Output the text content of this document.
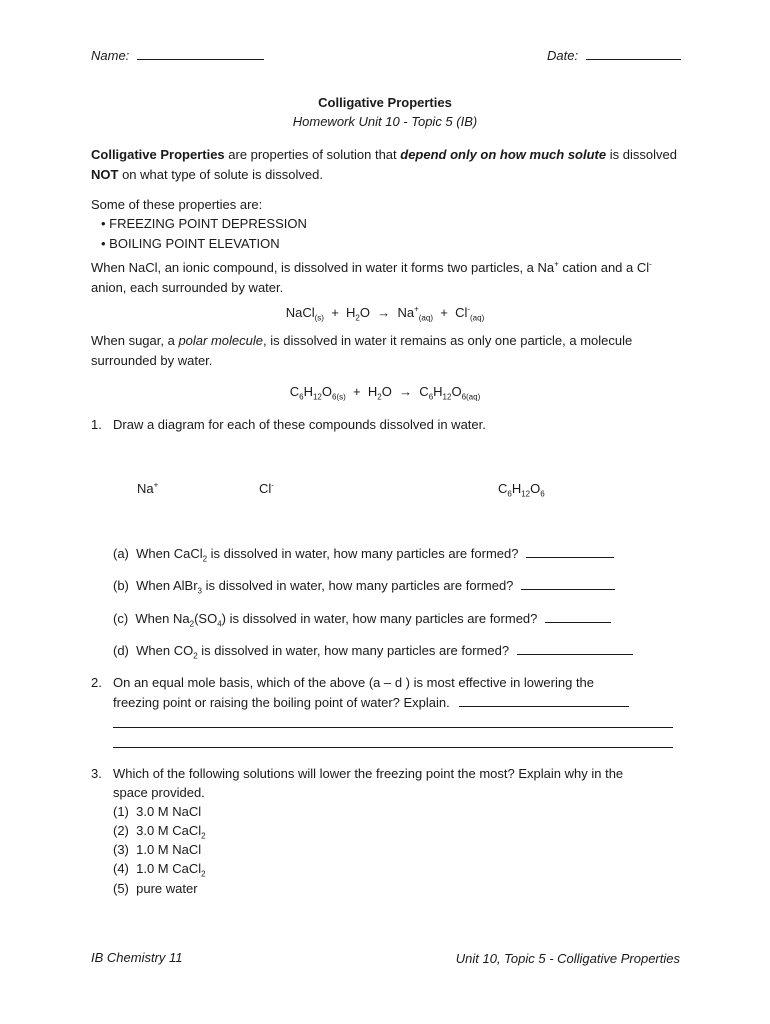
Name:	Date:
Colligative Properties
Homework Unit 10 - Topic 5 (IB)
Colligative Properties are properties of solution that depend only on how much solute is dissolved NOT on what type of solute is dissolved.
Some of these properties are:
• FREEZING POINT DEPRESSION
• BOILING POINT ELEVATION
When NaCl, an ionic compound, is dissolved in water it forms two particles, a Na+ cation and a Cl- anion, each surrounded by water.
NaCl$_{(s)}$ + $H_2O \to Na^+_{(aq)} + Cl^-_{(aq)}$
When sugar, a polar molecule, is dissolved in water it remains as only one particle, a molecule surrounded by water.
$C_6H_{12}O_{6(s)} + H_2O \to C_6H_{12}O_{6(aq)}$
1. Draw a diagram for each of these compounds dissolved in water.
Na+	Cl-	$C_6H_{12}O_6$
(a) When CaCl$_2$ is dissolved in water, how many particles are formed?
(b) When AlBr$_3$ is dissolved in water, how many particles are formed?
(c) When $Na_2(SO_4)$ is dissolved in water, how many particles are formed?
(d) When $CO_2$ is dissolved in water, how many particles are formed?
2. On an equal mole basis, which of the above (a – d ) is most effective in lowering the
freezing point or raising the boiling point of water? Explain.
3. Which of the following solutions will lower the freezing point the most? Explain why in the
space provided.
(1) 3.0 M NaCl
(2) 3.0 M CaCl$_2$
(3) 1.0 M NaCl
(4) 1.0 M CaCl$_2$
(5) pure water
IB Chemistry 11	Unit 10, Topic 5 - Colligative Properties
